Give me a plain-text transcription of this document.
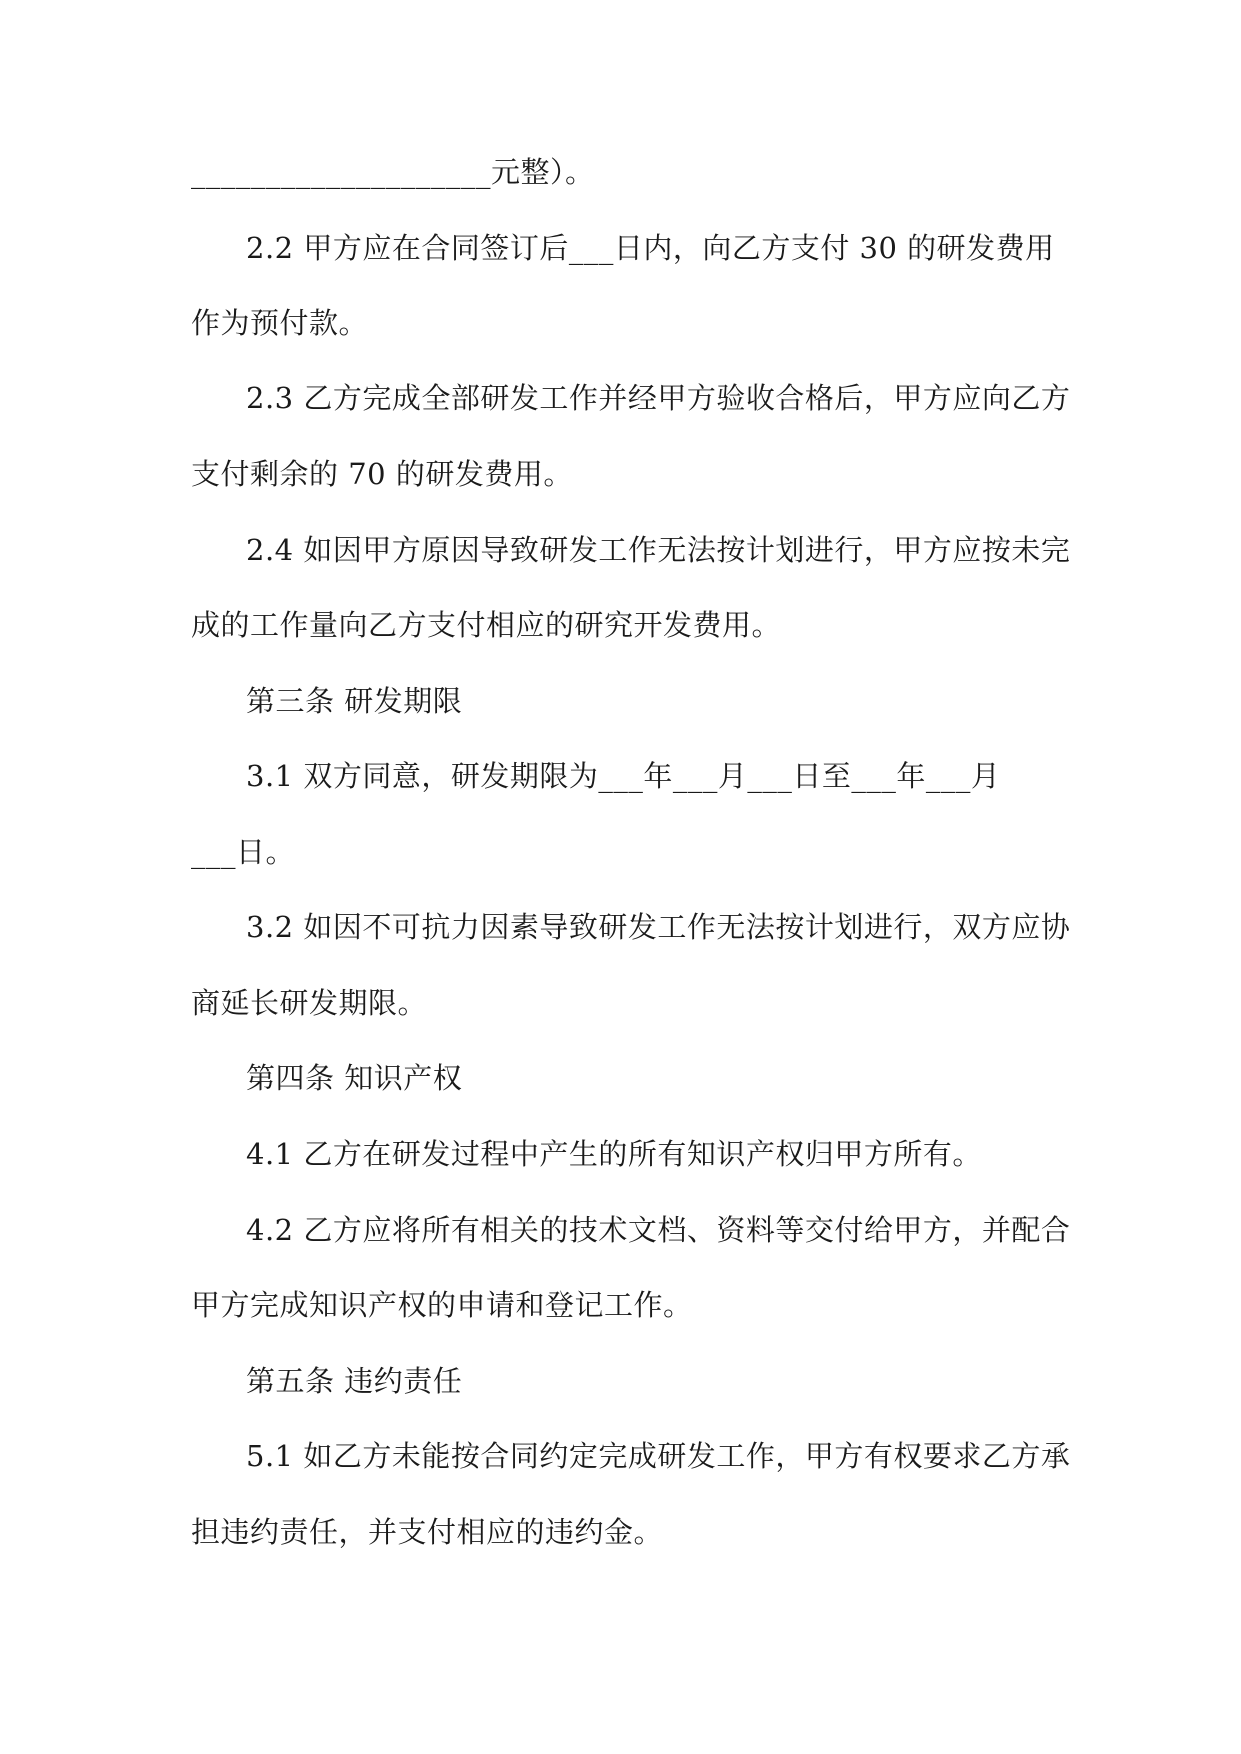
____________________元整）。
2.2 甲方应在合同签订后___日内，向乙方支付 30 的研发费用
作为预付款。
2.3 乙方完成全部研发工作并经甲方验收合格后，甲方应向乙方
支付剩余的 70 的研发费用。
2.4 如因甲方原因导致研发工作无法按计划进行，甲方应按未完
成的工作量向乙方支付相应的研究开发费用。
第三条 研发期限
3.1 双方同意，研发期限为___年___月___日至___年___月
___日。
3.2 如因不可抗力因素导致研发工作无法按计划进行，双方应协
商延长研发期限。
第四条 知识产权
4.1 乙方在研发过程中产生的所有知识产权归甲方所有。
4.2 乙方应将所有相关的技术文档、资料等交付给甲方，并配合
甲方完成知识产权的申请和登记工作。
第五条 违约责任
5.1 如乙方未能按合同约定完成研发工作，甲方有权要求乙方承
担违约责任，并支付相应的违约金。
